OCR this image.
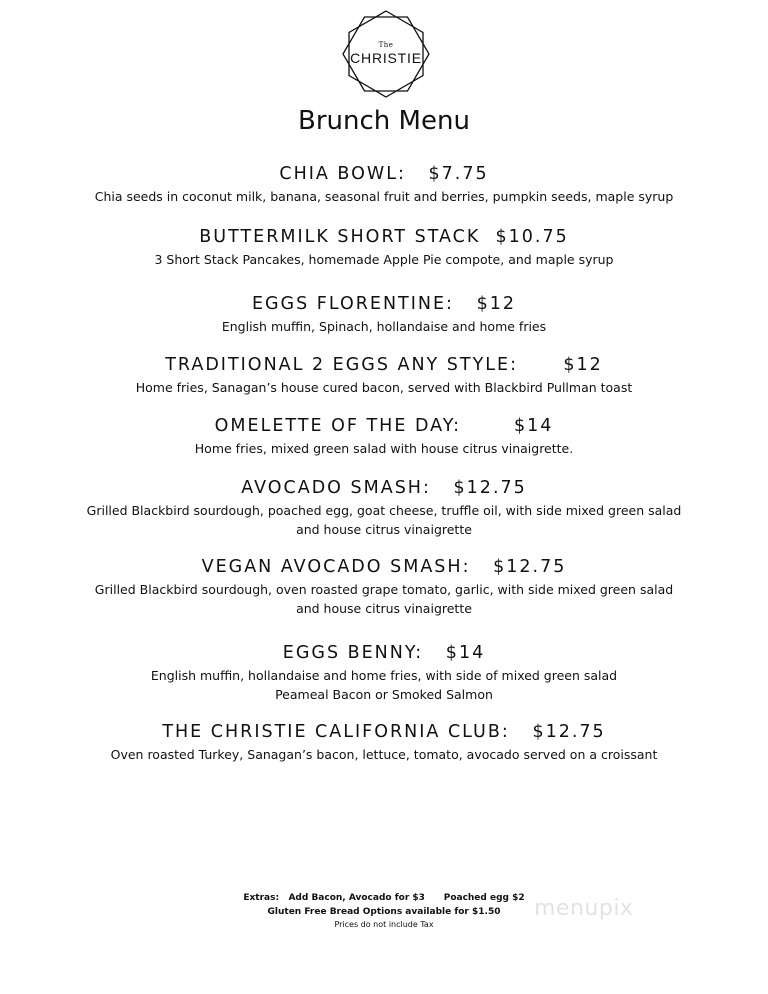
The
CHRISTIE
Brunch Menu
CHIA BOWL:   $7.75
Chia seeds in coconut milk, banana, seasonal fruit and berries, pumpkin seeds, maple syrup
BUTTERMILK SHORT STACK  $10.75
3 Short Stack Pancakes, homemade Apple Pie compote, and maple syrup
EGGS FLORENTINE:   $12
English muffin, Spinach, hollandaise and home fries
TRADITIONAL 2 EGGS ANY STYLE:      $12
Home fries, Sanagan’s house cured bacon, served with Blackbird Pullman toast
OMELETTE OF THE DAY:       $14
Home fries, mixed green salad with house citrus vinaigrette.
AVOCADO SMASH:   $12.75
Grilled Blackbird sourdough, poached egg, goat cheese, truffle oil, with side mixed green salad
and house citrus vinaigrette
VEGAN AVOCADO SMASH:   $12.75
Grilled Blackbird sourdough, oven roasted grape tomato, garlic, with side mixed green salad
and house citrus vinaigrette
EGGS BENNY:   $14
English muffin, hollandaise and home fries, with side of mixed green salad
Peameal Bacon or Smoked Salmon
THE CHRISTIE CALIFORNIA CLUB:   $12.75
Oven roasted Turkey, Sanagan’s bacon, lettuce, tomato, avocado served on a croissant
Extras:   Add Bacon, Avocado for $3      Poached egg $2
Gluten Free Bread Options available for $1.50
Prices do not include Tax
menupix
